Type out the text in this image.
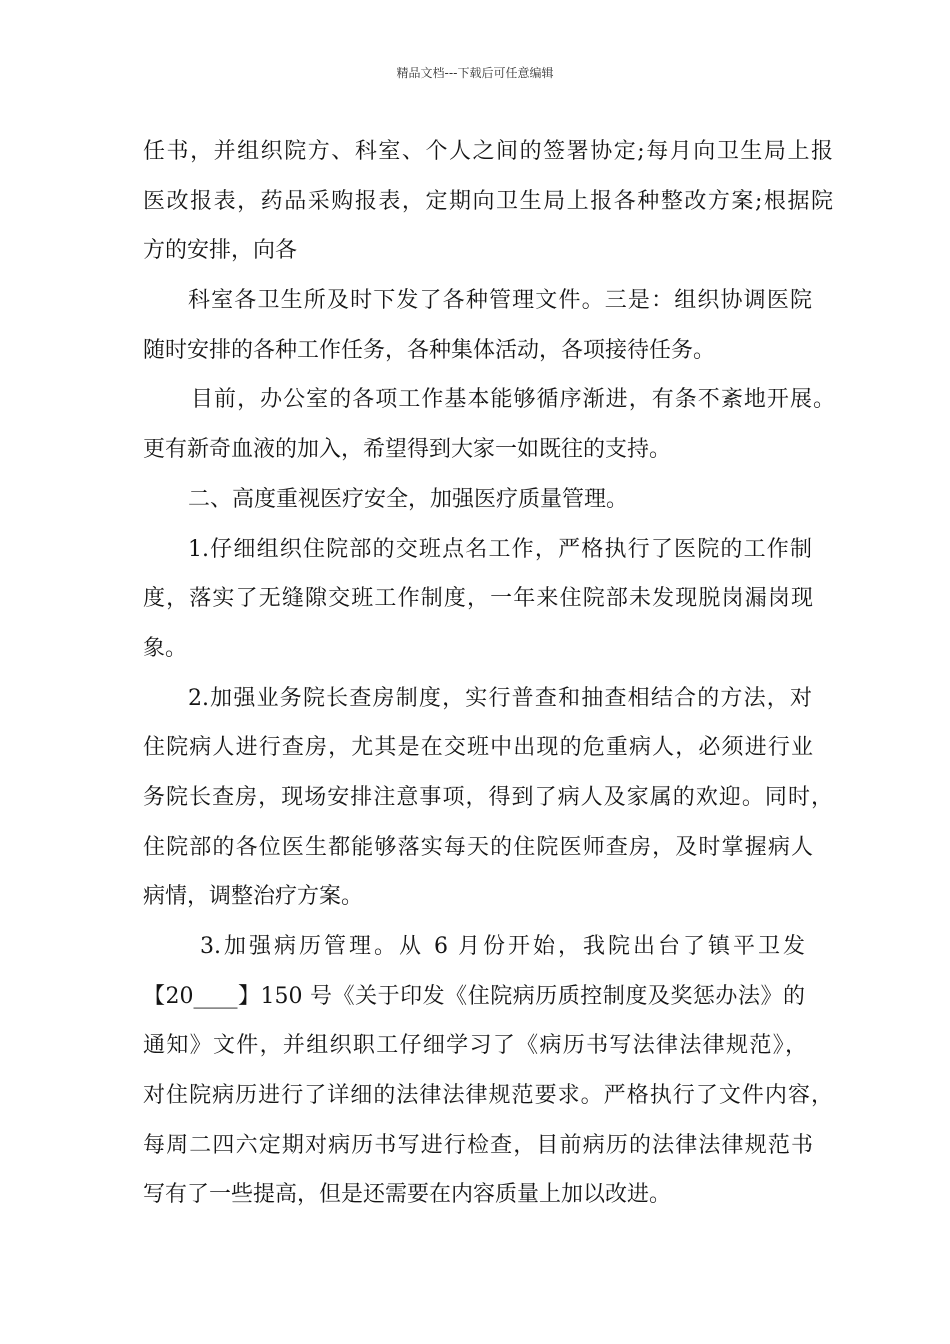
精品文档---下载后可任意编辑
任书，并组织院方、科室、个人之间的签署协定;每月向卫生局上报
医改报表，药品采购报表，定期向卫生局上报各种整改方案;根据院
方的安排，向各
科室各卫生所及时下发了各种管理文件。三是：组织协调医院
随时安排的各种工作任务，各种集体活动，各项接待任务。
目前，办公室的各项工作基本能够循序渐进，有条不紊地开展。
更有新奇血液的加入，希望得到大家一如既往的支持。
二、高度重视医疗安全，加强医疗质量管理。
1.仔细组织住院部的交班点名工作，严格执行了医院的工作制
度，落实了无缝隙交班工作制度，一年来住院部未发现脱岗漏岗现
象。
2.加强业务院长查房制度，实行普查和抽查相结合的方法，对
住院病人进行查房，尤其是在交班中出现的危重病人，必须进行业
务院长查房，现场安排注意事项，得到了病人及家属的欢迎。同时，
住院部的各位医生都能够落实每天的住院医师查房，及时掌握病人
病情，调整治疗方案。
3.加强病历管理。从 6 月份开始，我院出台了镇平卫发
【20____】150 号《关于印发《住院病历质控制度及奖惩办法》的
通知》文件，并组织职工仔细学习了《病历书写法律法律规范》，
对住院病历进行了详细的法律法律规范要求。严格执行了文件内容，
每周二四六定期对病历书写进行检查，目前病历的法律法律规范书
写有了一些提高，但是还需要在内容质量上加以改进。
